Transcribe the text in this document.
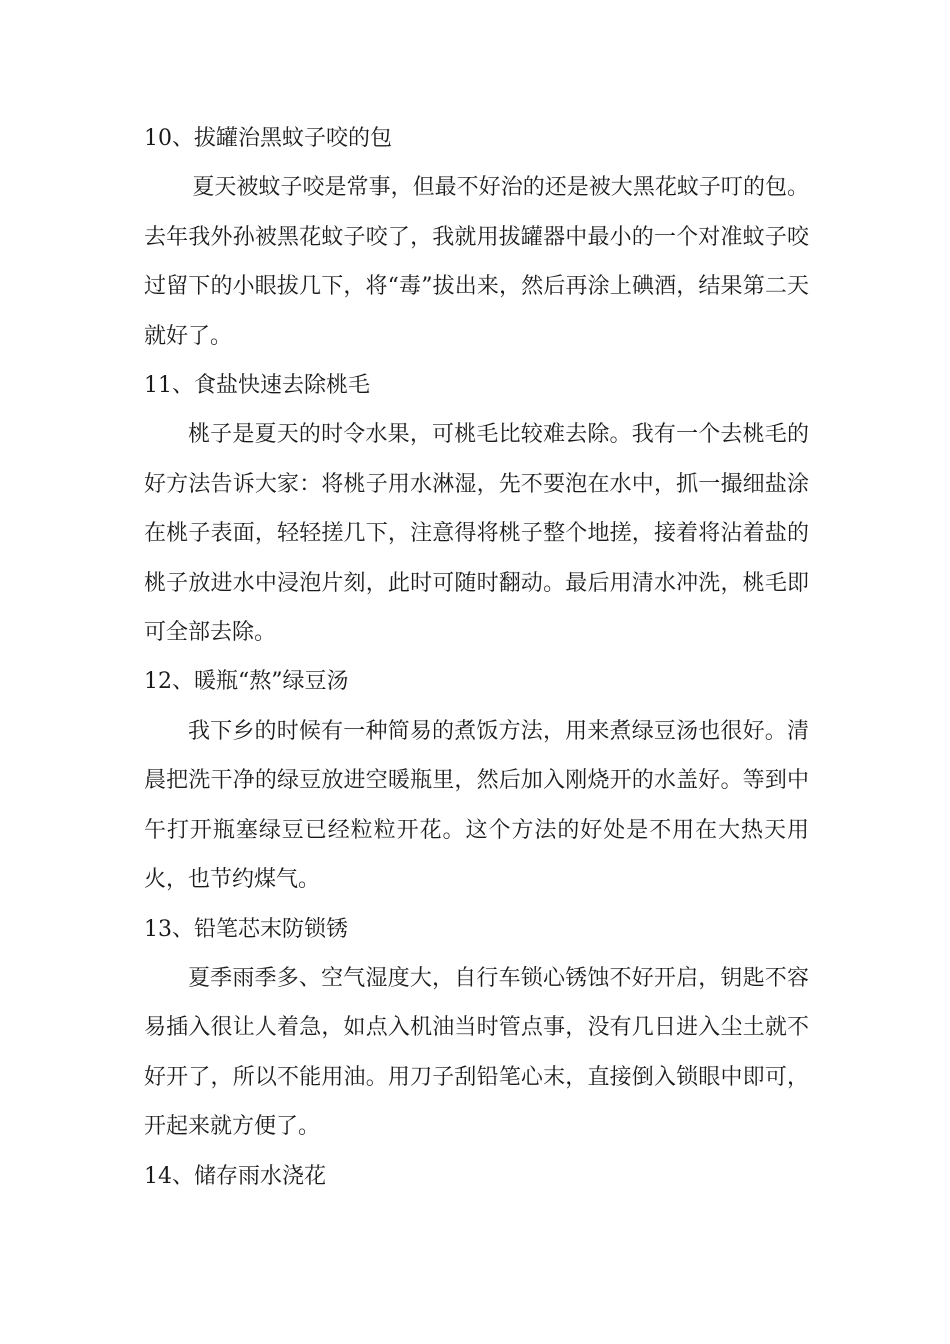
10、拔罐治黑蚊子咬的包

夏天被蚊子咬是常事，但最不好治的还是被大黑花蚊子叮的包。去年我外孙被黑花蚊子咬了，我就用拔罐器中最小的一个对准蚊子咬过留下的小眼拔几下，将“毒”拔出来，然后再涂上碘酒，结果第二天就好了。

11、食盐快速去除桃毛

桃子是夏天的时令水果，可桃毛比较难去除。我有一个去桃毛的好方法告诉大家：将桃子用水淋湿，先不要泡在水中，抓一撮细盐涂在桃子表面，轻轻搓几下，注意得将桃子整个地搓，接着将沾着盐的桃子放进水中浸泡片刻，此时可随时翻动。最后用清水冲洗，桃毛即可全部去除。

12、暖瓶“熬”绿豆汤

我下乡的时候有一种简易的煮饭方法，用来煮绿豆汤也很好。清晨把洗干净的绿豆放进空暖瓶里，然后加入刚烧开的水盖好。等到中午打开瓶塞绿豆已经粒粒开花。这个方法的好处是不用在大热天用火，也节约煤气。

13、铅笔芯末防锁锈

夏季雨季多、空气湿度大，自行车锁心锈蚀不好开启，钥匙不容易插入很让人着急，如点入机油当时管点事，没有几日进入尘土就不好开了，所以不能用油。用刀子刮铅笔心末，直接倒入锁眼中即可，开起来就方便了。

14、储存雨水浇花
